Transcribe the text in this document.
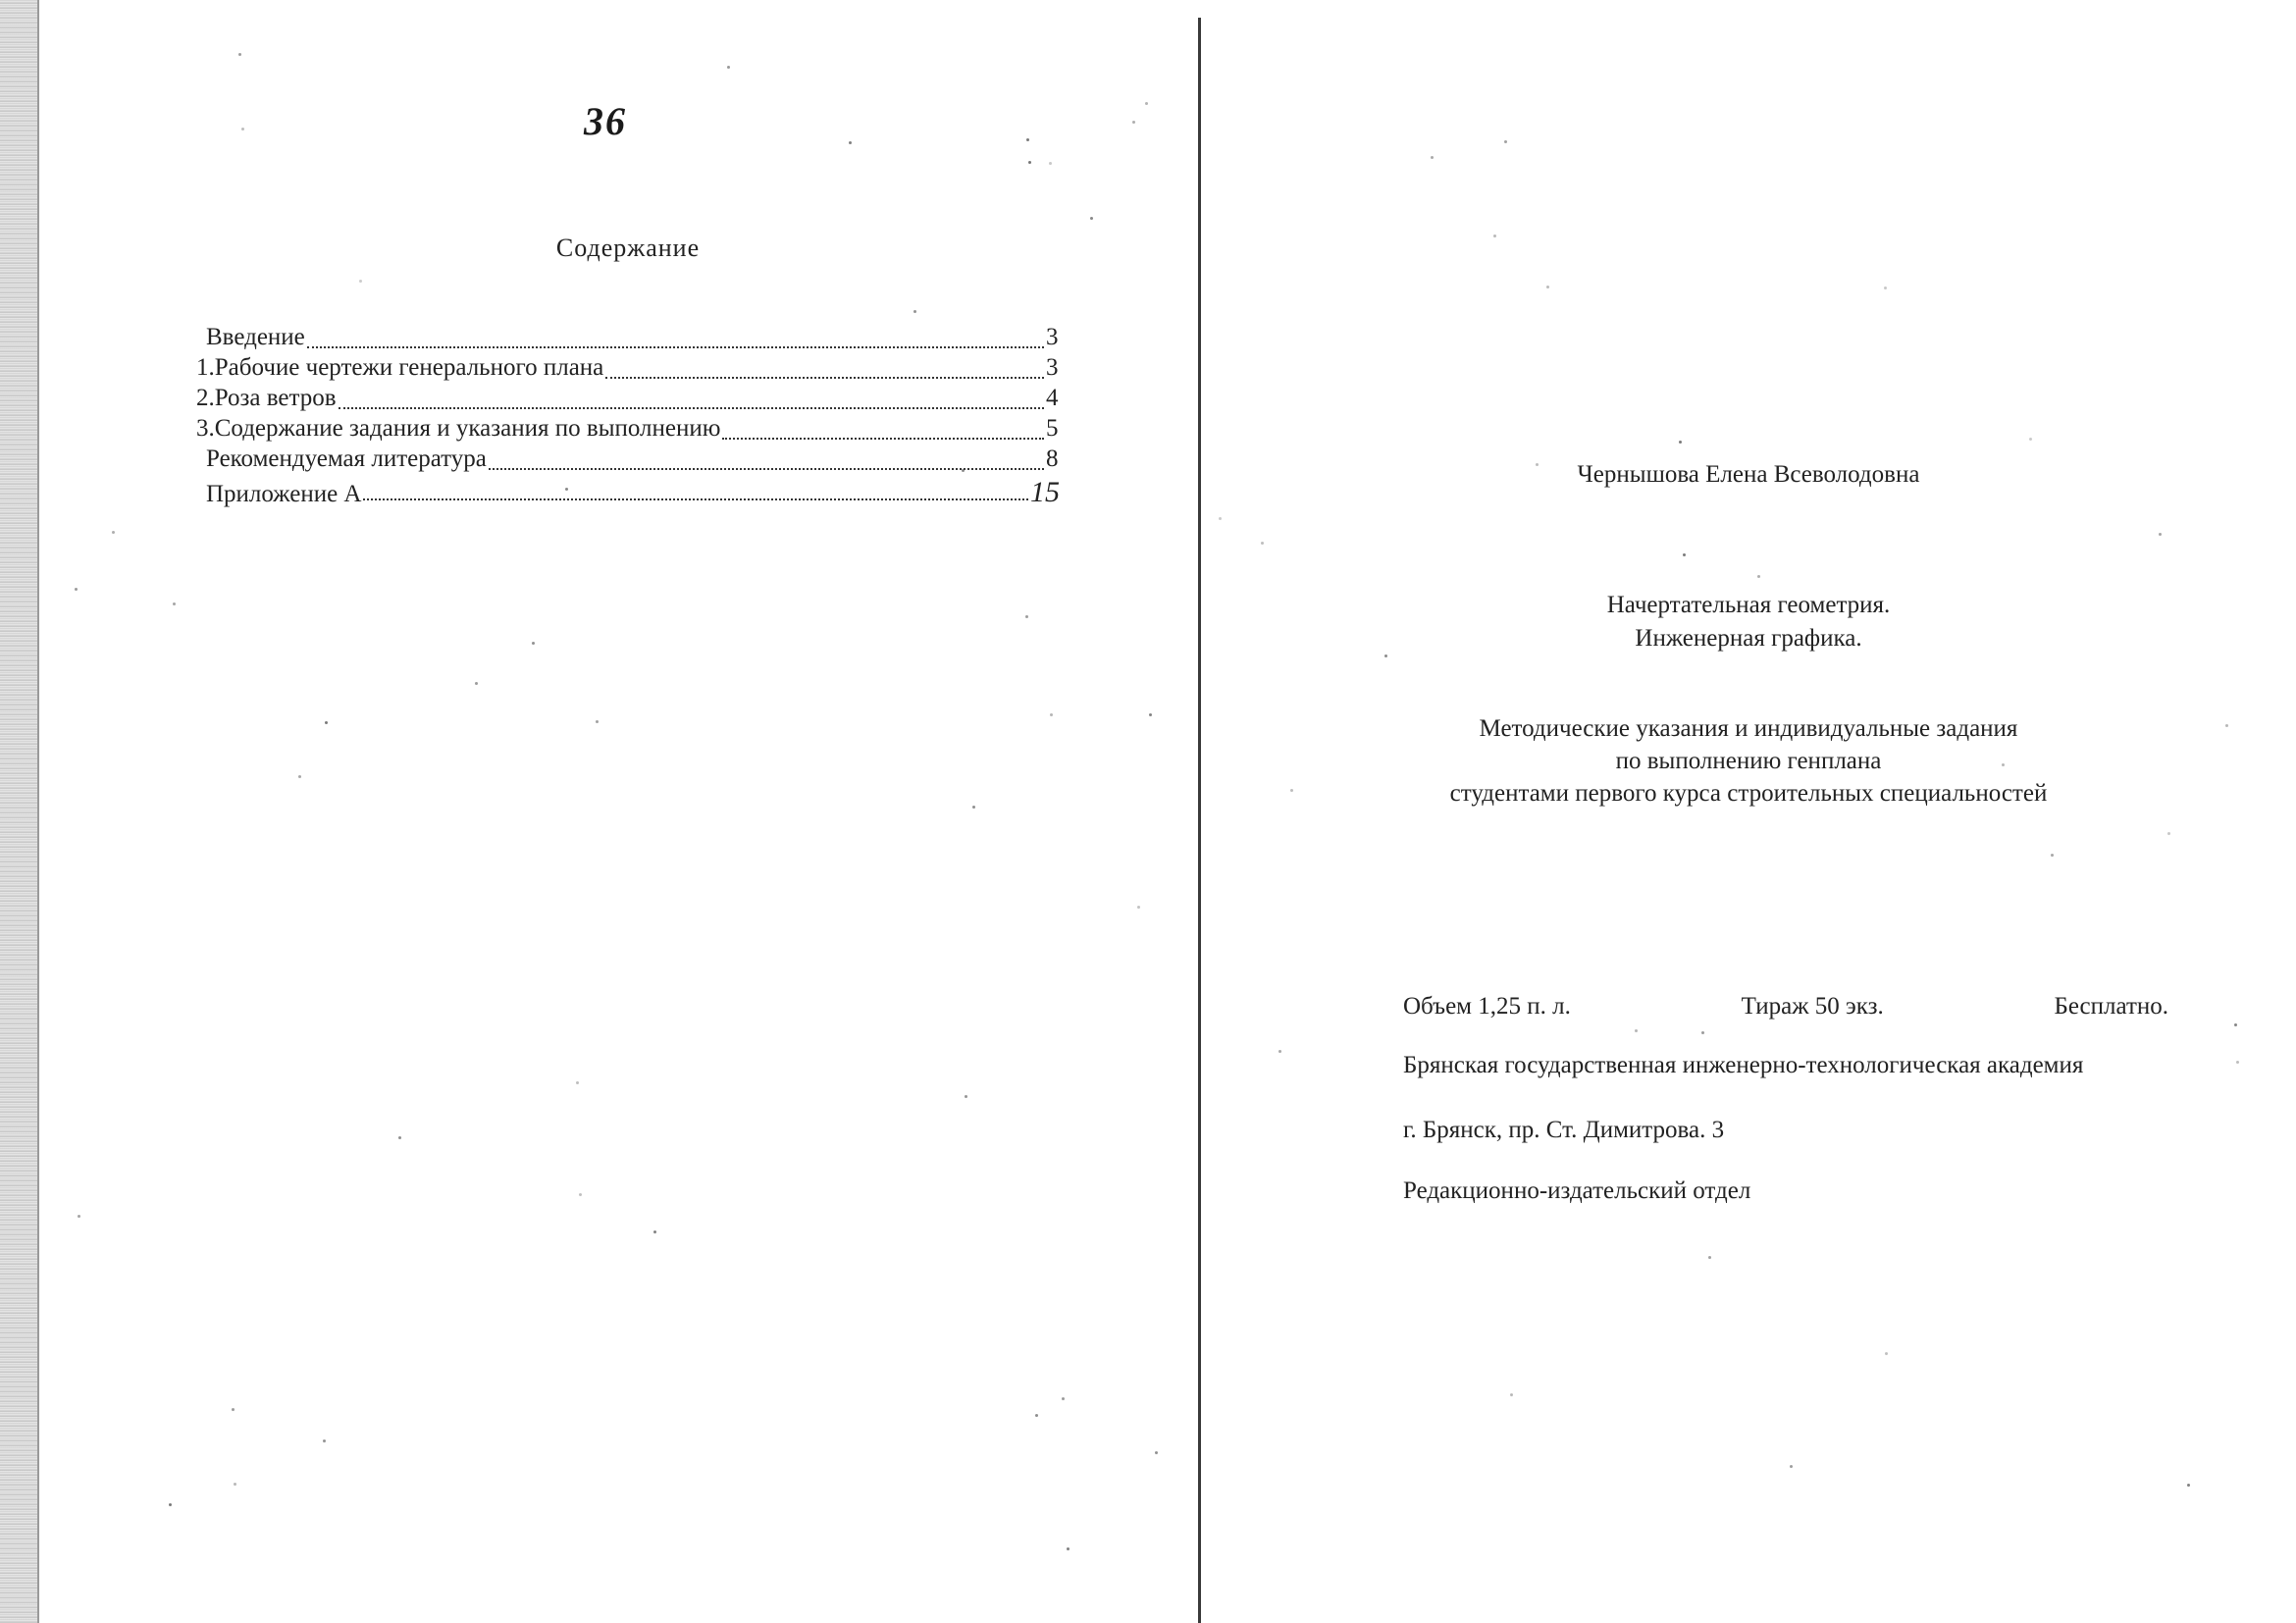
36
Содержание
Введение	3
1.Рабочие чертежи генерального плана	3
2.Роза ветров	4
3.Содержание задания и указания по выполнению	5
Рекомендуемая литература	8
Приложение А	15
Чернышова Елена Всеволодовна
Начертательная геометрия.
Инженерная графика.
Методические указания и индивидуальные задания
по выполнению генплана
студентами первого курса строительных специальностей
Объем 1,25 п. л.	Тираж 50 экз.	Бесплатно.
Брянская государственная инженерно-технологическая академия
г. Брянск, пр. Ст. Димитрова. 3
Редакционно-издательский отдел
